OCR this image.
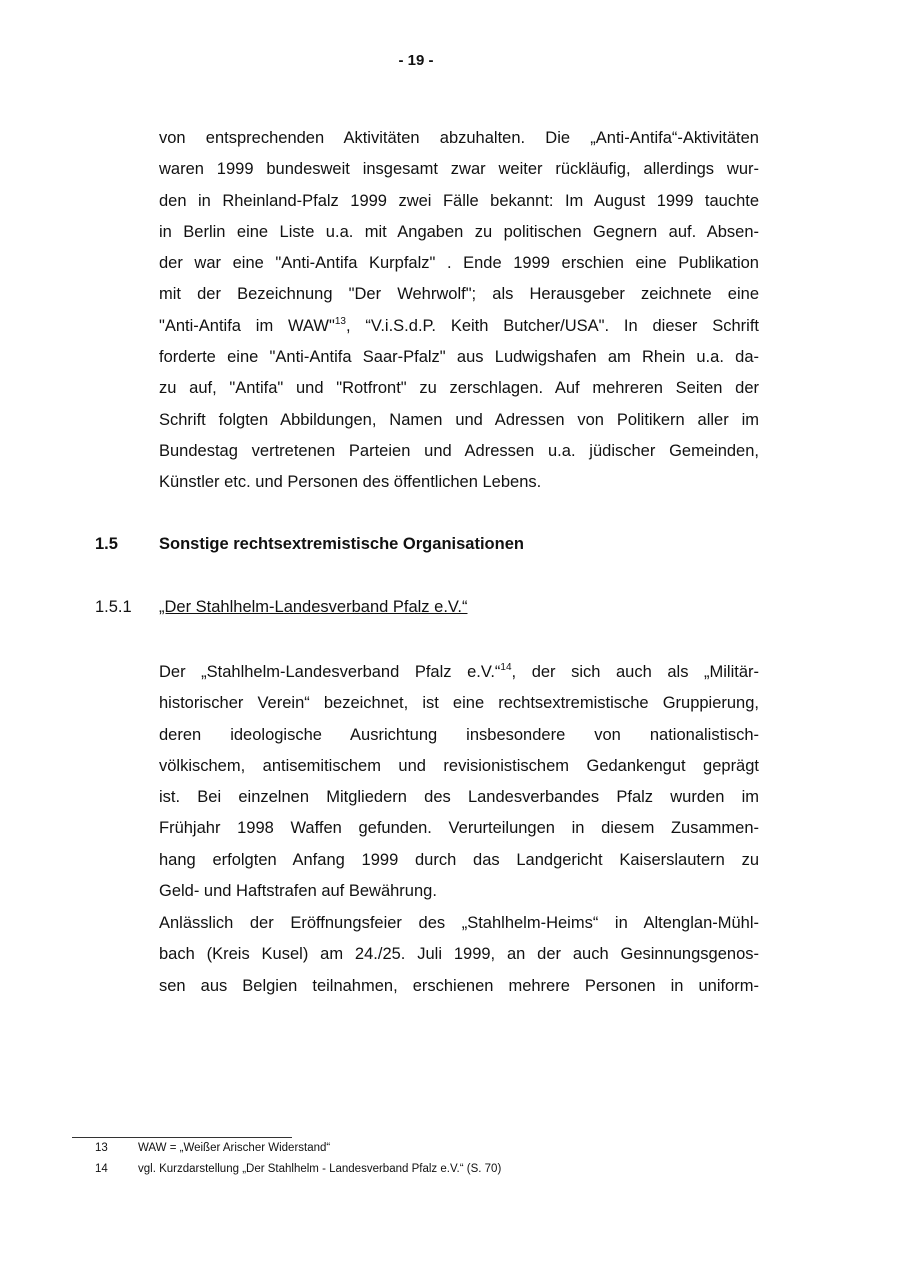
- 19 -
von entsprechenden Aktivitäten abzuhalten. Die „Anti-Antifa“-Aktivitäten
waren 1999 bundesweit insgesamt zwar weiter rückläufig, allerdings wur-
den in Rheinland-Pfalz 1999 zwei Fälle bekannt: Im August 1999 tauchte
in Berlin eine Liste u.a. mit Angaben zu politischen Gegnern auf. Absen-
der war eine "Anti-Antifa Kurpfalz" . Ende 1999 erschien eine Publikation
mit der Bezeichnung "Der Wehrwolf"; als Herausgeber zeichnete eine
"Anti-Antifa im WAW"$^{13}$, “V.i.S.d.P. Keith Butcher/USA". In dieser Schrift
forderte eine "Anti-Antifa Saar-Pfalz" aus Ludwigshafen am Rhein u.a. da-
zu auf, "Antifa" und "Rotfront" zu zerschlagen. Auf mehreren Seiten der
Schrift folgten Abbildungen, Namen und Adressen von Politikern aller im
Bundestag vertretenen Parteien und Adressen u.a. jüdischer Gemeinden,
Künstler etc. und Personen des öffentlichen Lebens.
1.5 Sonstige rechtsextremistische Organisationen
1.5.1 „Der Stahlhelm-Landesverband Pfalz e.V.“
Der „Stahlhelm-Landesverband Pfalz e.V.“$^{14}$, der sich auch als „Militär-
historischer Verein“ bezeichnet, ist eine rechtsextremistische Gruppierung,
deren ideologische Ausrichtung insbesondere von nationalistisch-
völkischem, antisemitischem und revisionistischem Gedankengut geprägt
ist. Bei einzelnen Mitgliedern des Landesverbandes Pfalz wurden im
Frühjahr 1998 Waffen gefunden. Verurteilungen in diesem Zusammen-
hang erfolgten Anfang 1999 durch das Landgericht Kaiserslautern zu
Geld- und Haftstrafen auf Bewährung.
Anlässlich der Eröffnungsfeier des „Stahlhelm-Heims“ in Altenglan-Mühl-
bach (Kreis Kusel) am 24./25. Juli 1999, an der auch Gesinnungsgenos-
sen aus Belgien teilnahmen, erschienen mehrere Personen in uniform-
13	WAW = „Weißer Arischer Widerstand“
14	vgl. Kurzdarstellung „Der Stahlhelm - Landesverband Pfalz e.V.“ (S. 70)
